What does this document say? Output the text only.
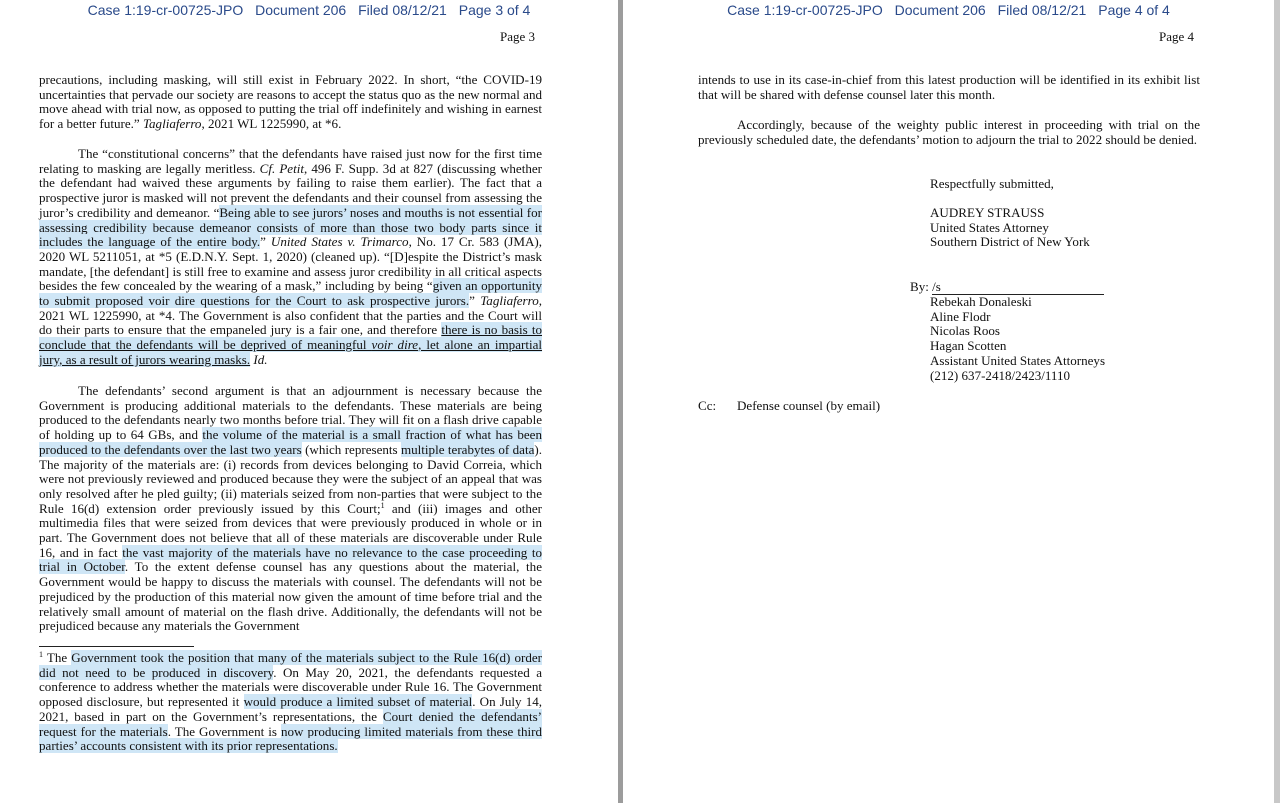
Case 1:19-cr-00725-JPO Document 206 Filed 08/12/21 Page 3 of 4
Page 3

precautions, including masking, will still exist in February 2022. In short, “the COVID-19 uncertainties that pervade our society are reasons to accept the status quo as the new normal and move ahead with trial now, as opposed to putting the trial off indefinitely and wishing in earnest for a better future.” Tagliaferro, 2021 WL 1225990, at *6.

The “constitutional concerns” that the defendants have raised just now for the first time relating to masking are legally meritless. Cf. Petit, 496 F. Supp. 3d at 827 (discussing whether the defendant had waived these arguments by failing to raise them earlier). The fact that a prospective juror is masked will not prevent the defendants and their counsel from assessing the juror’s credibility and demeanor. “Being able to see jurors’ noses and mouths is not essential for assessing credibility because demeanor consists of more than those two body parts since it includes the language of the entire body.” United States v. Trimarco, No. 17 Cr. 583 (JMA), 2020 WL 5211051, at *5 (E.D.N.Y. Sept. 1, 2020) (cleaned up). “[D]espite the District’s mask mandate, [the defendant] is still free to examine and assess juror credibility in all critical aspects besides the few concealed by the wearing of a mask,” including by being “given an opportunity to submit proposed voir dire questions for the Court to ask prospective jurors.” Tagliaferro, 2021 WL 1225990, at *4. The Government is also confident that the parties and the Court will do their parts to ensure that the empaneled jury is a fair one, and therefore there is no basis to conclude that the defendants will be deprived of meaningful voir dire, let alone an impartial jury, as a result of jurors wearing masks. Id.

The defendants’ second argument is that an adjournment is necessary because the Government is producing additional materials to the defendants. These materials are being produced to the defendants nearly two months before trial. They will fit on a flash drive capable of holding up to 64 GBs, and the volume of the material is a small fraction of what has been produced to the defendants over the last two years (which represents multiple terabytes of data). The majority of the materials are: (i) records from devices belonging to David Correia, which were not previously reviewed and produced because they were the subject of an appeal that was only resolved after he pled guilty; (ii) materials seized from non-parties that were subject to the Rule 16(d) extension order previously issued by this Court;$^1$ and (iii) images and other multimedia files that were seized from devices that were previously produced in whole or in part. The Government does not believe that all of these materials are discoverable under Rule 16, and in fact the vast majority of the materials have no relevance to the case proceeding to trial in October. To the extent defense counsel has any questions about the material, the Government would be happy to discuss the materials with counsel. The defendants will not be prejudiced by the production of this material now given the amount of time before trial and the relatively small amount of material on the flash drive. Additionally, the defendants will not be prejudiced because any materials the Government

$^1$ The Government took the position that many of the materials subject to the Rule 16(d) order did not need to be produced in discovery. On May 20, 2021, the defendants requested a conference to address whether the materials were discoverable under Rule 16. The Government opposed disclosure, but represented it would produce a limited subset of material. On July 14, 2021, based in part on the Government’s representations, the Court denied the defendants’ request for the materials. The Government is now producing limited materials from these third parties’ accounts consistent with its prior representations.
Case 1:19-cr-00725-JPO Document 206 Filed 08/12/21 Page 4 of 4
Page 4

intends to use in its case-in-chief from this latest production will be identified in its exhibit list that will be shared with defense counsel later this month.

Accordingly, because of the weighty public interest in proceeding with trial on the previously scheduled date, the defendants’ motion to adjourn the trial to 2022 should be denied.

Respectfully submitted,
AUDREY STRAUSS
United States Attorney
Southern District of New York
By: /s
Rebekah Donaleski
Aline Flodr
Nicolas Roos
Hagan Scotten
Assistant United States Attorneys
(212) 637-2418/2423/1110
Cc: Defense counsel (by email)
